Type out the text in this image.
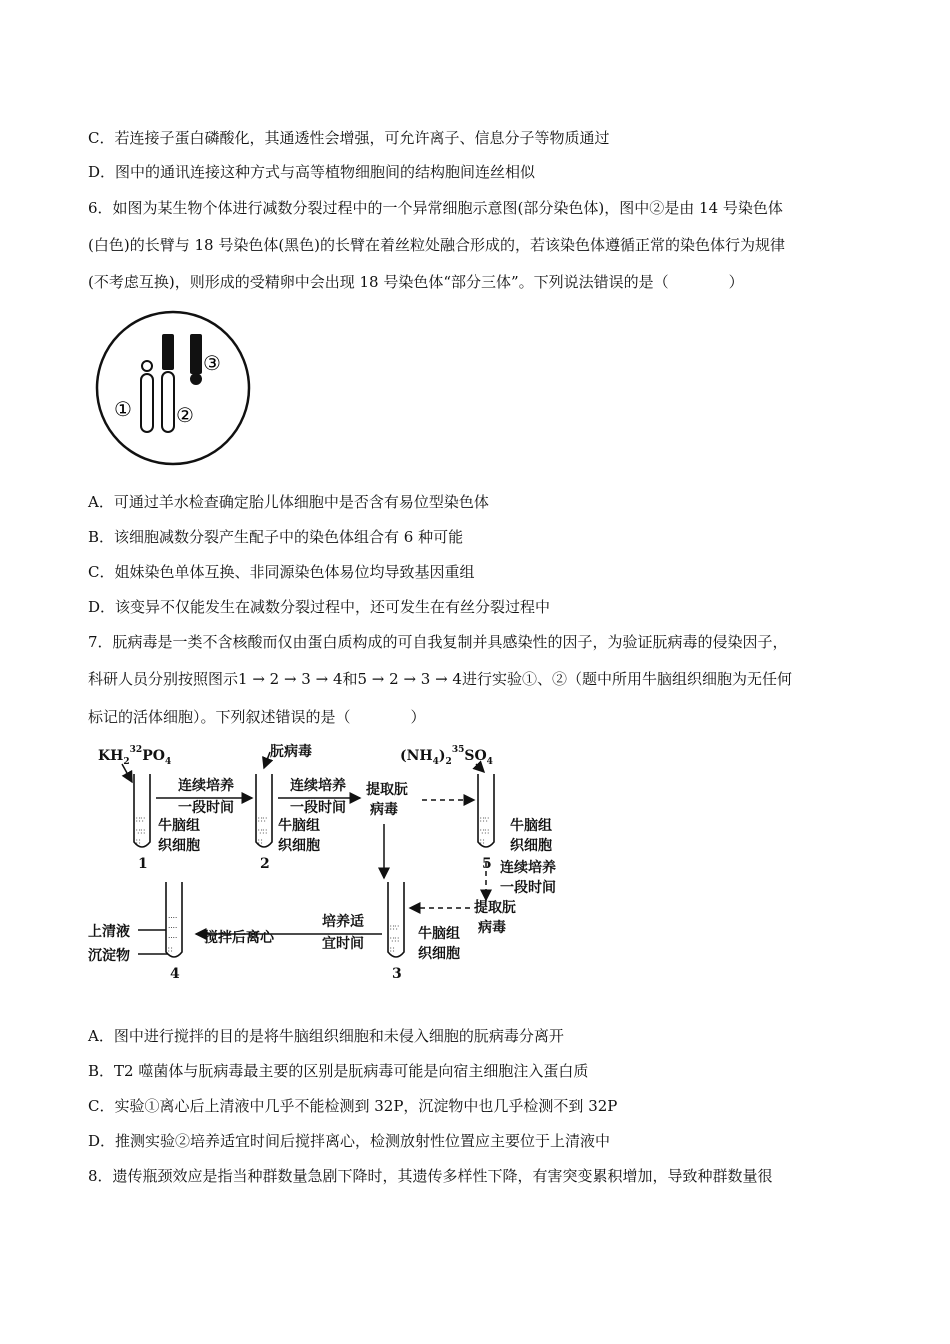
C．若连接子蛋白磷酸化，其通透性会增强，可允许离子、信息分子等物质通过
D．图中的通讯连接这种方式与高等植物细胞间的结构胞间连丝相似
6．如图为某生物个体进行减数分裂过程中的一个异常细胞示意图(部分染色体)，图中②是由 14 号染色体
(白色)的长臂与 18 号染色体(黑色)的长臂在着丝粒处融合形成的，若该染色体遵循正常的染色体行为规律
(不考虑互换)，则形成的受精卵中会出现 18 号染色体“部分三体”。下列说法错误的是（　　　　）
① ②
③
A．可通过羊水检查确定胎儿体细胞中是否含有易位型染色体
B．该细胞减数分裂产生配子中的染色体组合有 6 种可能
C．姐妹染色单体互换、非同源染色体易位均导致基因重组
D．该变异不仅能发生在减数分裂过程中，还可发生在有丝分裂过程中
7．朊病毒是一类不含核酸而仅由蛋白质构成的可自我复制并具感染性的因子，为验证朊病毒的侵染因子，
科研人员分别按照图示1 → 2 → 3 → 4和5 → 2 → 3 → 4进行实验①、②（题中所用牛脑组织细胞为无任何
标记的活体细胞）。下列叙述错误的是（　　　　）
$KH_2^{32}PO_4$
朊病毒	$(NH_4)_2^{35}SO_4$
连续培养
一段时间
连续培养
一段时间
提取朊
病毒
牛脑组
织细胞
牛脑组
织细胞
牛脑组
织细胞
连续培养
一段时间
提取朊
病毒
牛脑组
织细胞
培养适
宜时间
搅拌后离心
上清液
沉淀物
1	2	5
4	3
∷∵
∵∷
∷
∷∵
∵∷
∷
∷∵
∵∷
∷
∷∵
∵∷
∷
‥‥
‥‥
‥‥
∷
A．图中进行搅拌的目的是将牛脑组织细胞和未侵入细胞的朊病毒分离开
B．T2 噬菌体与朊病毒最主要的区别是朊病毒可能是向宿主细胞注入蛋白质
C．实验①离心后上清液中几乎不能检测到 32P，沉淀物中也几乎检测不到 32P
D．推测实验②培养适宜时间后搅拌离心，检测放射性位置应主要位于上清液中
8．遗传瓶颈效应是指当种群数量急剧下降时，其遗传多样性下降，有害突变累积增加，导致种群数量很
